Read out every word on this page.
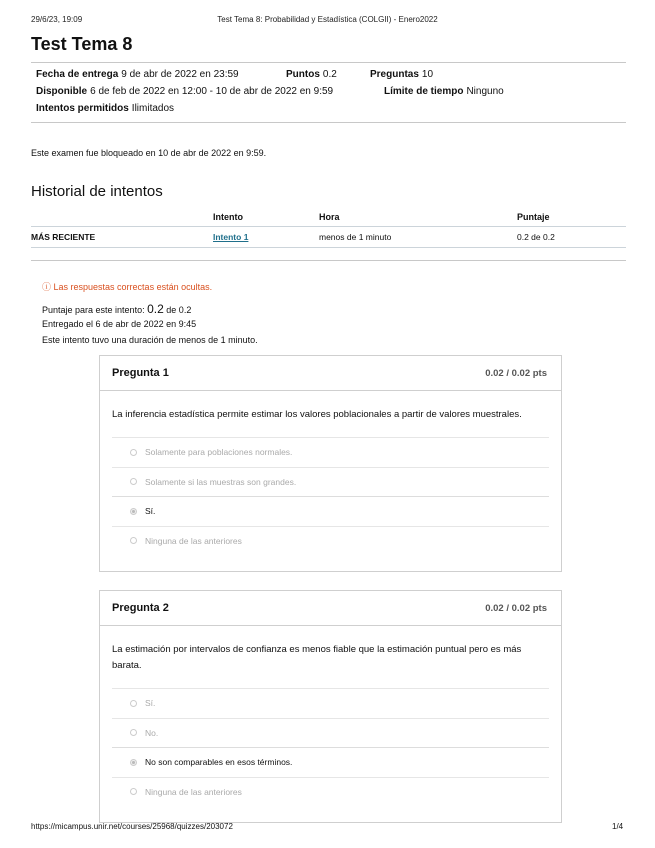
29/6/23, 19:09	Test Tema 8: Probabilidad y Estadística (COLGII) - Enero2022
Test Tema 8
Fecha de entrega 9 de abr de 2022 en 23:59	Puntos 0.2	Preguntas 10
Disponible 6 de feb de 2022 en 12:00 - 10 de abr de 2022 en 9:59	Límite de tiempo Ninguno
Intentos permitidos Ilimitados
Este examen fue bloqueado en 10 de abr de 2022 en 9:59.
Historial de intentos
	Intento	Hora	Puntaje
MÁS RECIENTE	Intento 1	menos de 1 minuto	0.2 de 0.2
ⓘ Las respuestas correctas están ocultas.
Puntaje para este intento: 0.2 de 0.2
Entregado el 6 de abr de 2022 en 9:45
Este intento tuvo una duración de menos de 1 minuto.
Pregunta 1	0.02 / 0.02 pts
La inferencia estadística permite estimar los valores poblacionales a partir de valores muestrales.
Solamente para poblaciones normales.
Solamente si las muestras son grandes.
Sí.
Ninguna de las anteriores
Pregunta 2	0.02 / 0.02 pts
La estimación por intervalos de confianza es menos fiable que la estimación puntual pero es más barata.
Sí.
No.
No son comparables en esos términos.
Ninguna de las anteriores
https://micampus.unir.net/courses/25968/quizzes/203072	1/4
